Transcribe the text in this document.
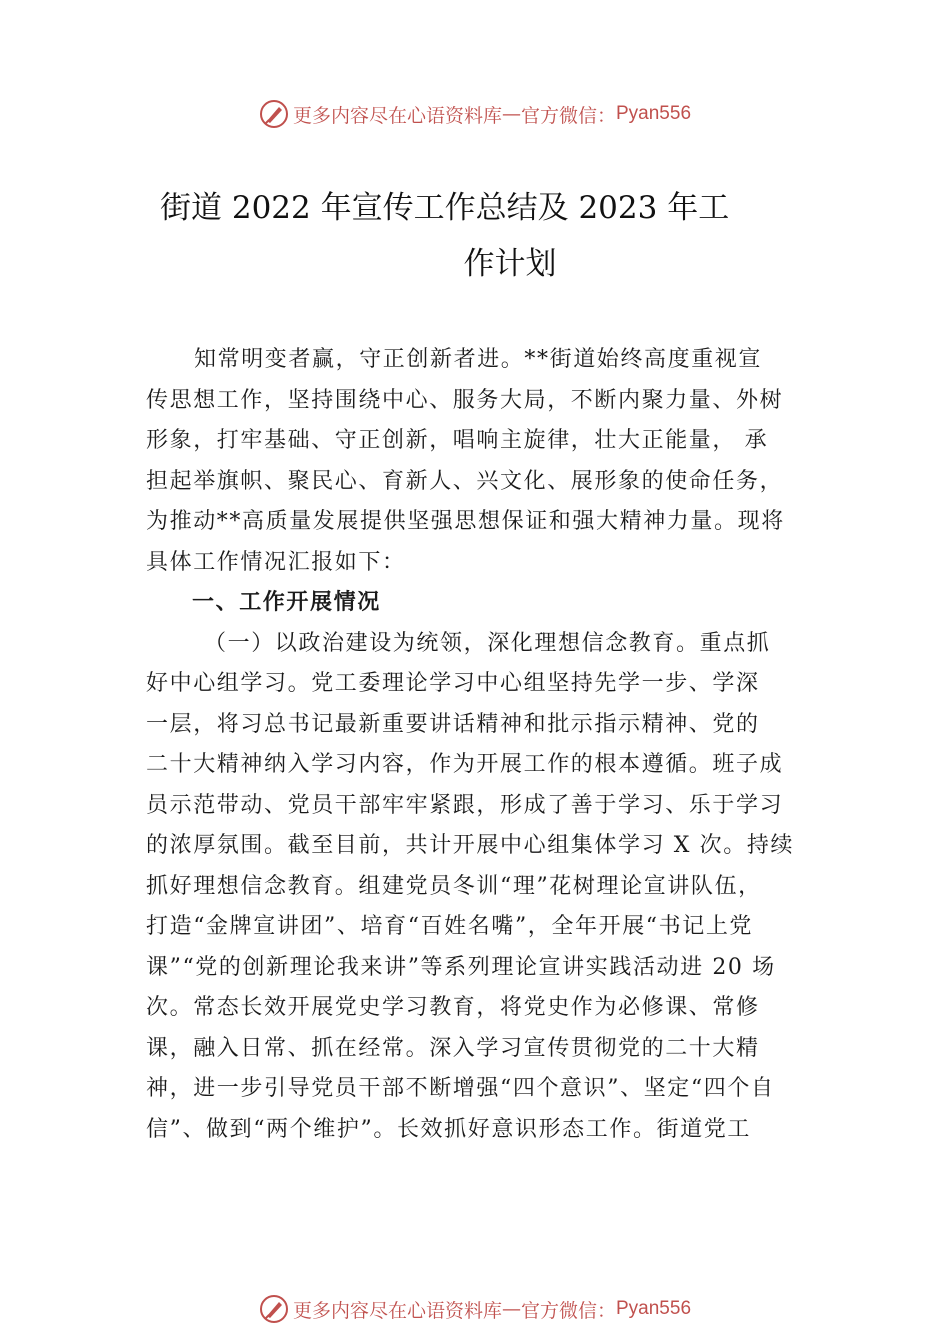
更多内容尽在心语资料库 — 官方微信： Pyan556
街道 2022 年宣传工作总结及 2023 年工
作计划
知常明变者赢，守正创新者进。**街道始终高度重视宣
传思想工作，坚持围绕中心、服务大局，不断内聚力量、外树
形象，打牢基础、守正创新，唱响主旋律，壮大正能量， 承
担起举旗帜、聚民心、育新人、兴文化、展形象的使命任务，
为推动**高质量发展提供坚强思想保证和强大精神力量。现将
具体工作情况汇报如下：
一、工作开展情况
（一）以政治建设为统领，深化理想信念教育。重点抓
好中心组学习。党工委理论学习中心组坚持先学一步、学深
一层，将习总书记最新重要讲话精神和批示指示精神、党的
二十大精神纳入学习内容，作为开展工作的根本遵循。班子成
员示范带动、党员干部牢牢紧跟，形成了善于学习、乐于学习
的浓厚氛围。截至目前，共计开展中心组集体学习 X 次。持续
抓好理想信念教育。组建党员冬训“理”花树理论宣讲队伍，
打造“金牌宣讲团”、培育“百姓名嘴”，全年开展“书记上党
课”“党的创新理论我来讲”等系列理论宣讲实践活动进 20 场
次。常态长效开展党史学习教育，将党史作为必修课、常修
课，融入日常、抓在经常。深入学习宣传贯彻党的二十大精
神，进一步引导党员干部不断增强“四个意识”、坚定“四个自
信”、做到“两个维护”。长效抓好意识形态工作。街道党工
更多内容尽在心语资料库 — 官方微信： Pyan556
